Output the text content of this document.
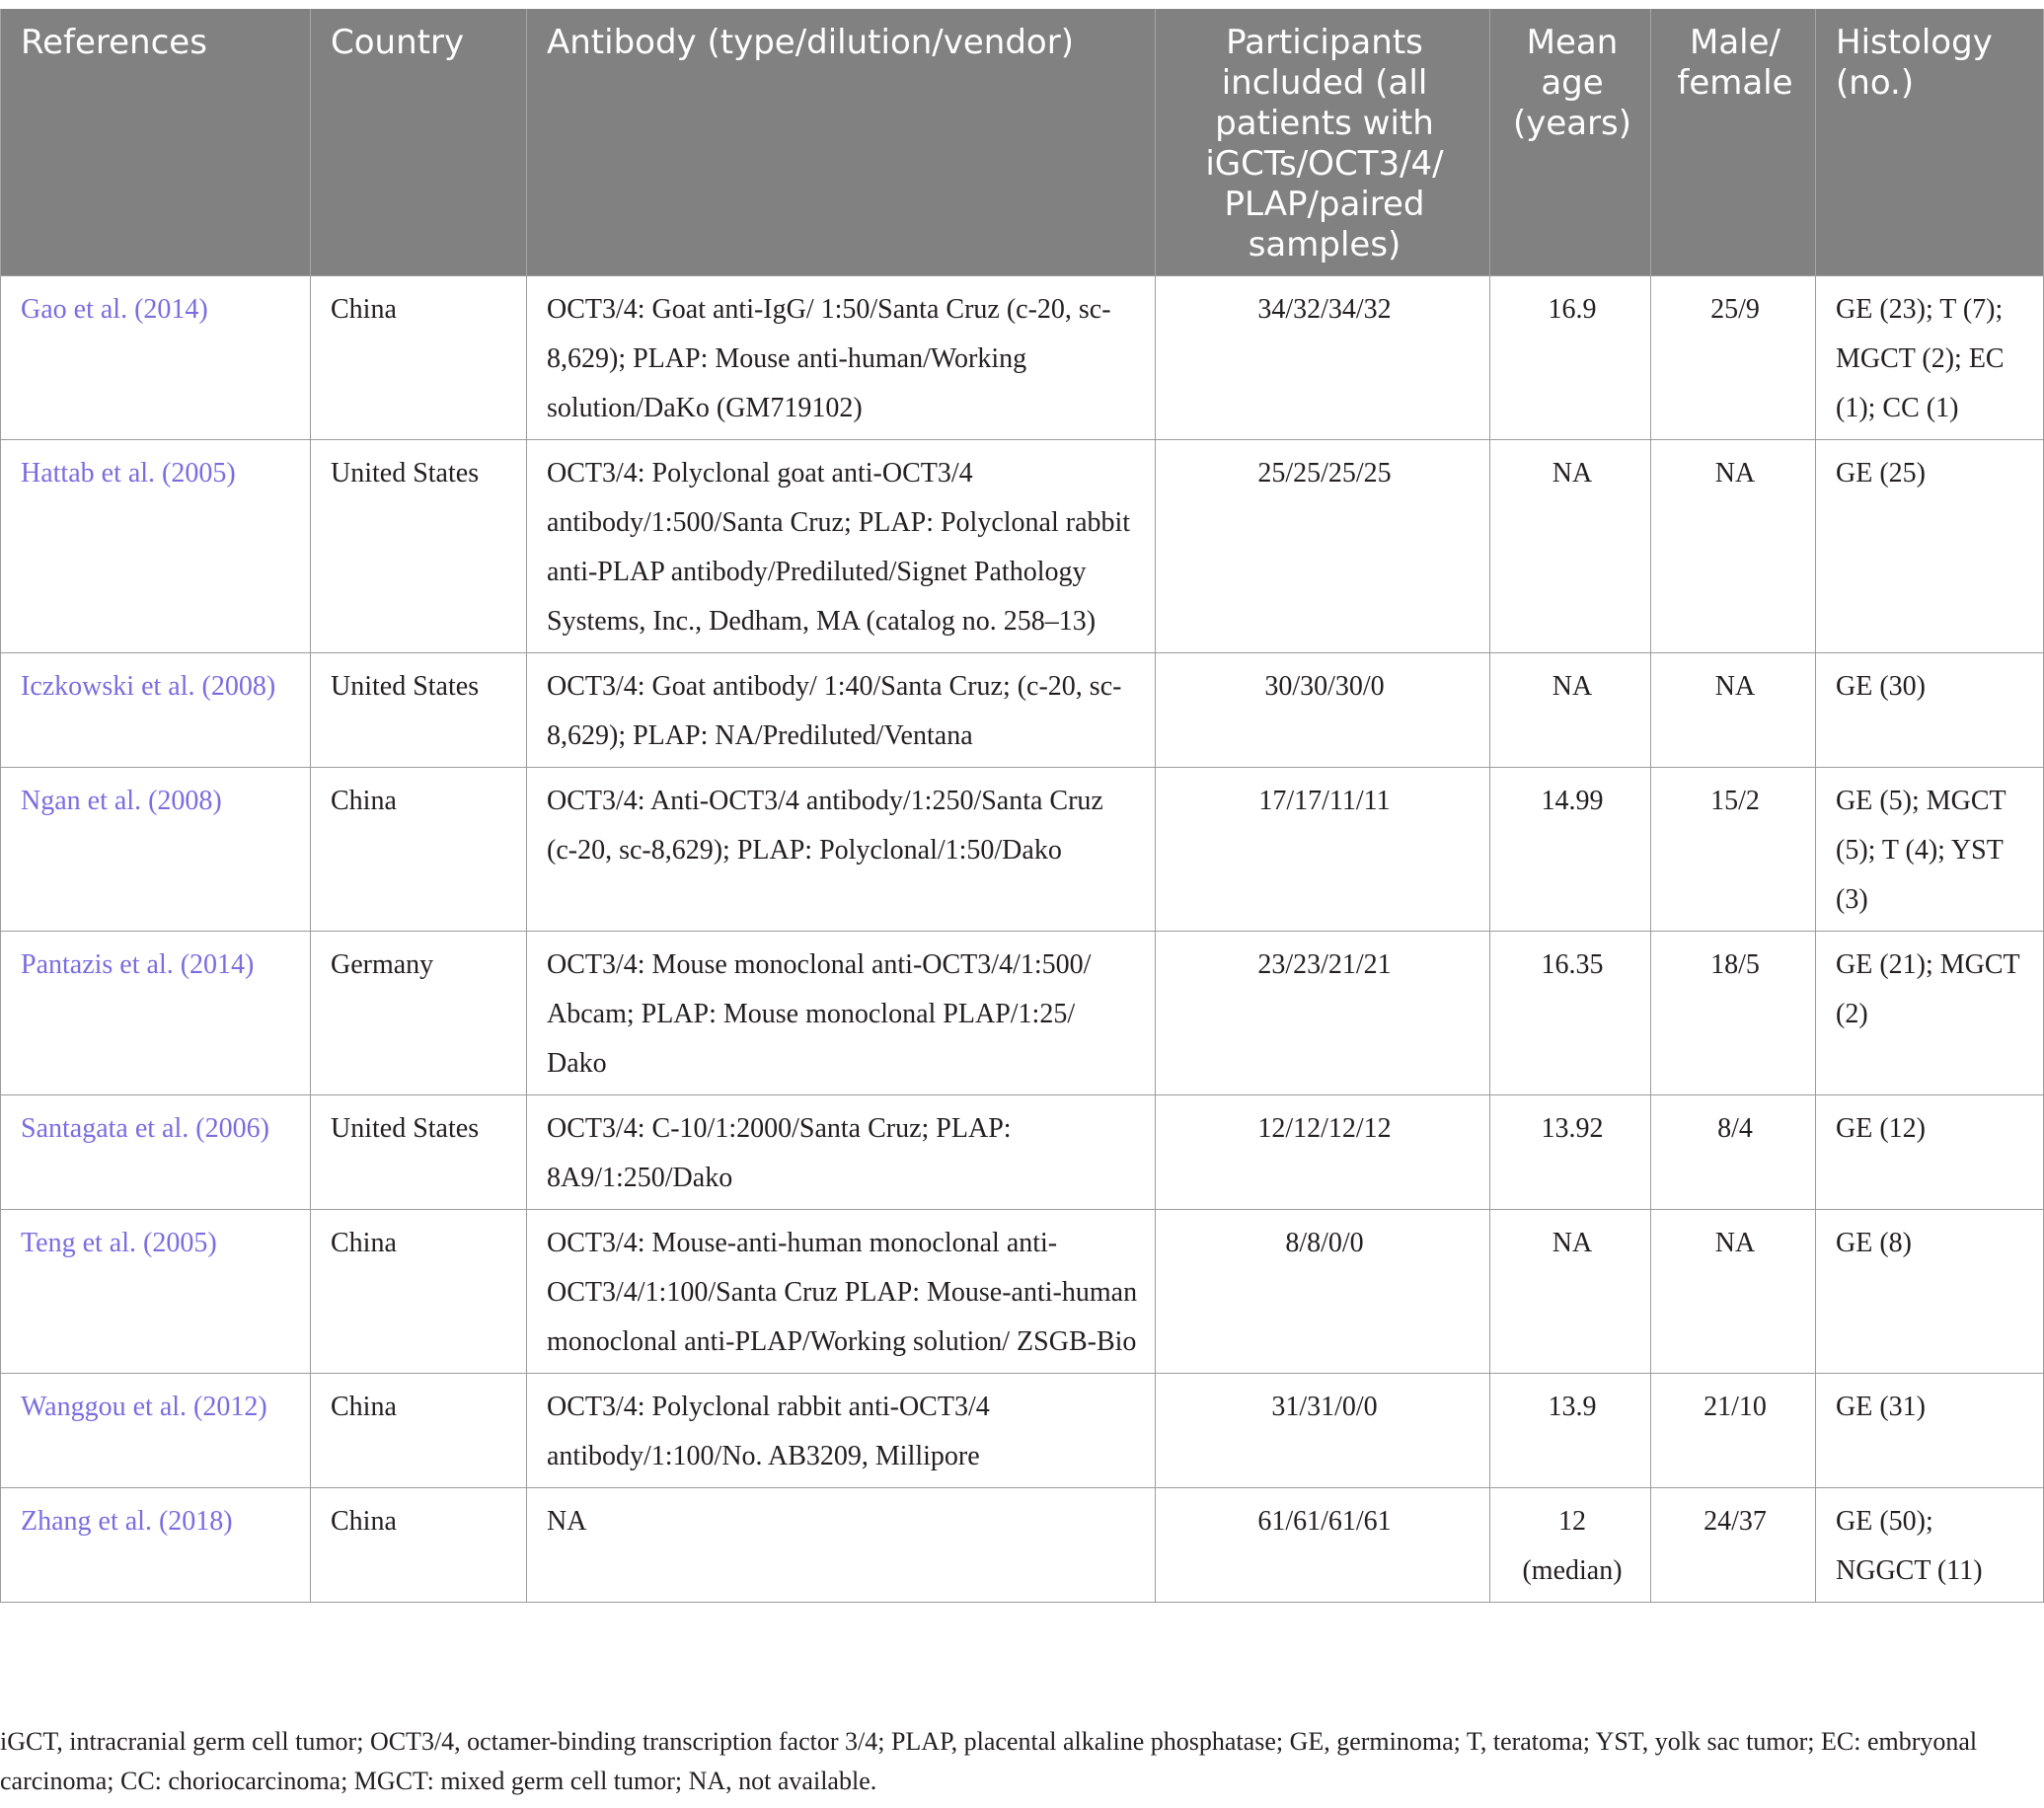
References	Country	Antibody (type/dilution/vendor)	Participants included (all patients with iGCTs/OCT3/4/ PLAP/paired samples)	Mean age (years)	Male/ female	Histology (no.)
Gao et al. (2014)	China	OCT3/4: Goat anti-IgG/ 1:50/Santa Cruz (c-20, sc-8,629); PLAP: Mouse anti-human/Working solution/DaKo (GM719102)	34/32/34/32	16.9	25/9	GE (23); T (7); MGCT (2); EC (1); CC (1)
Hattab et al. (2005)	United States	OCT3/4: Polyclonal goat anti-OCT3/4 antibody/1:500/Santa Cruz; PLAP: Polyclonal rabbit anti-PLAP antibody/Prediluted/Signet Pathology Systems, Inc., Dedham, MA (catalog no. 258–13)	25/25/25/25	NA	NA	GE (25)
Iczkowski et al. (2008)	United States	OCT3/4: Goat antibody/ 1:40/Santa Cruz; (c-20, sc-8,629); PLAP: NA/Prediluted/Ventana	30/30/30/0	NA	NA	GE (30)
Ngan et al. (2008)	China	OCT3/4: Anti-OCT3/4 antibody/1:250/Santa Cruz (c-20, sc-8,629); PLAP: Polyclonal/1:50/Dako	17/17/11/11	14.99	15/2	GE (5); MGCT (5); T (4); YST (3)
Pantazis et al. (2014)	Germany	OCT3/4: Mouse monoclonal anti-OCT3/4/1:500/ Abcam; PLAP: Mouse monoclonal PLAP/1:25/ Dako	23/23/21/21	16.35	18/5	GE (21); MGCT (2)
Santagata et al. (2006)	United States	OCT3/4: C-10/1:2000/Santa Cruz; PLAP: 8A9/1:250/Dako	12/12/12/12	13.92	8/4	GE (12)
Teng et al. (2005)	China	OCT3/4: Mouse-anti-human monoclonal anti-OCT3/4/1:100/Santa Cruz PLAP: Mouse-anti-human monoclonal anti-PLAP/Working solution/ ZSGB-Bio	8/8/0/0	NA	NA	GE (8)
Wanggou et al. (2012)	China	OCT3/4: Polyclonal rabbit anti-OCT3/4 antibody/1:100/No. AB3209, Millipore	31/31/0/0	13.9	21/10	GE (31)
Zhang et al. (2018)	China	NA	61/61/61/61	12 (median)	24/37	GE (50); NGGCT (11)

iGCT, intracranial germ cell tumor; OCT3/4, octamer-binding transcription factor 3/4; PLAP, placental alkaline phosphatase; GE, germinoma; T, teratoma; YST, yolk sac tumor; EC: embryonal carcinoma; CC: choriocarcinoma; MGCT: mixed germ cell tumor; NA, not available.
